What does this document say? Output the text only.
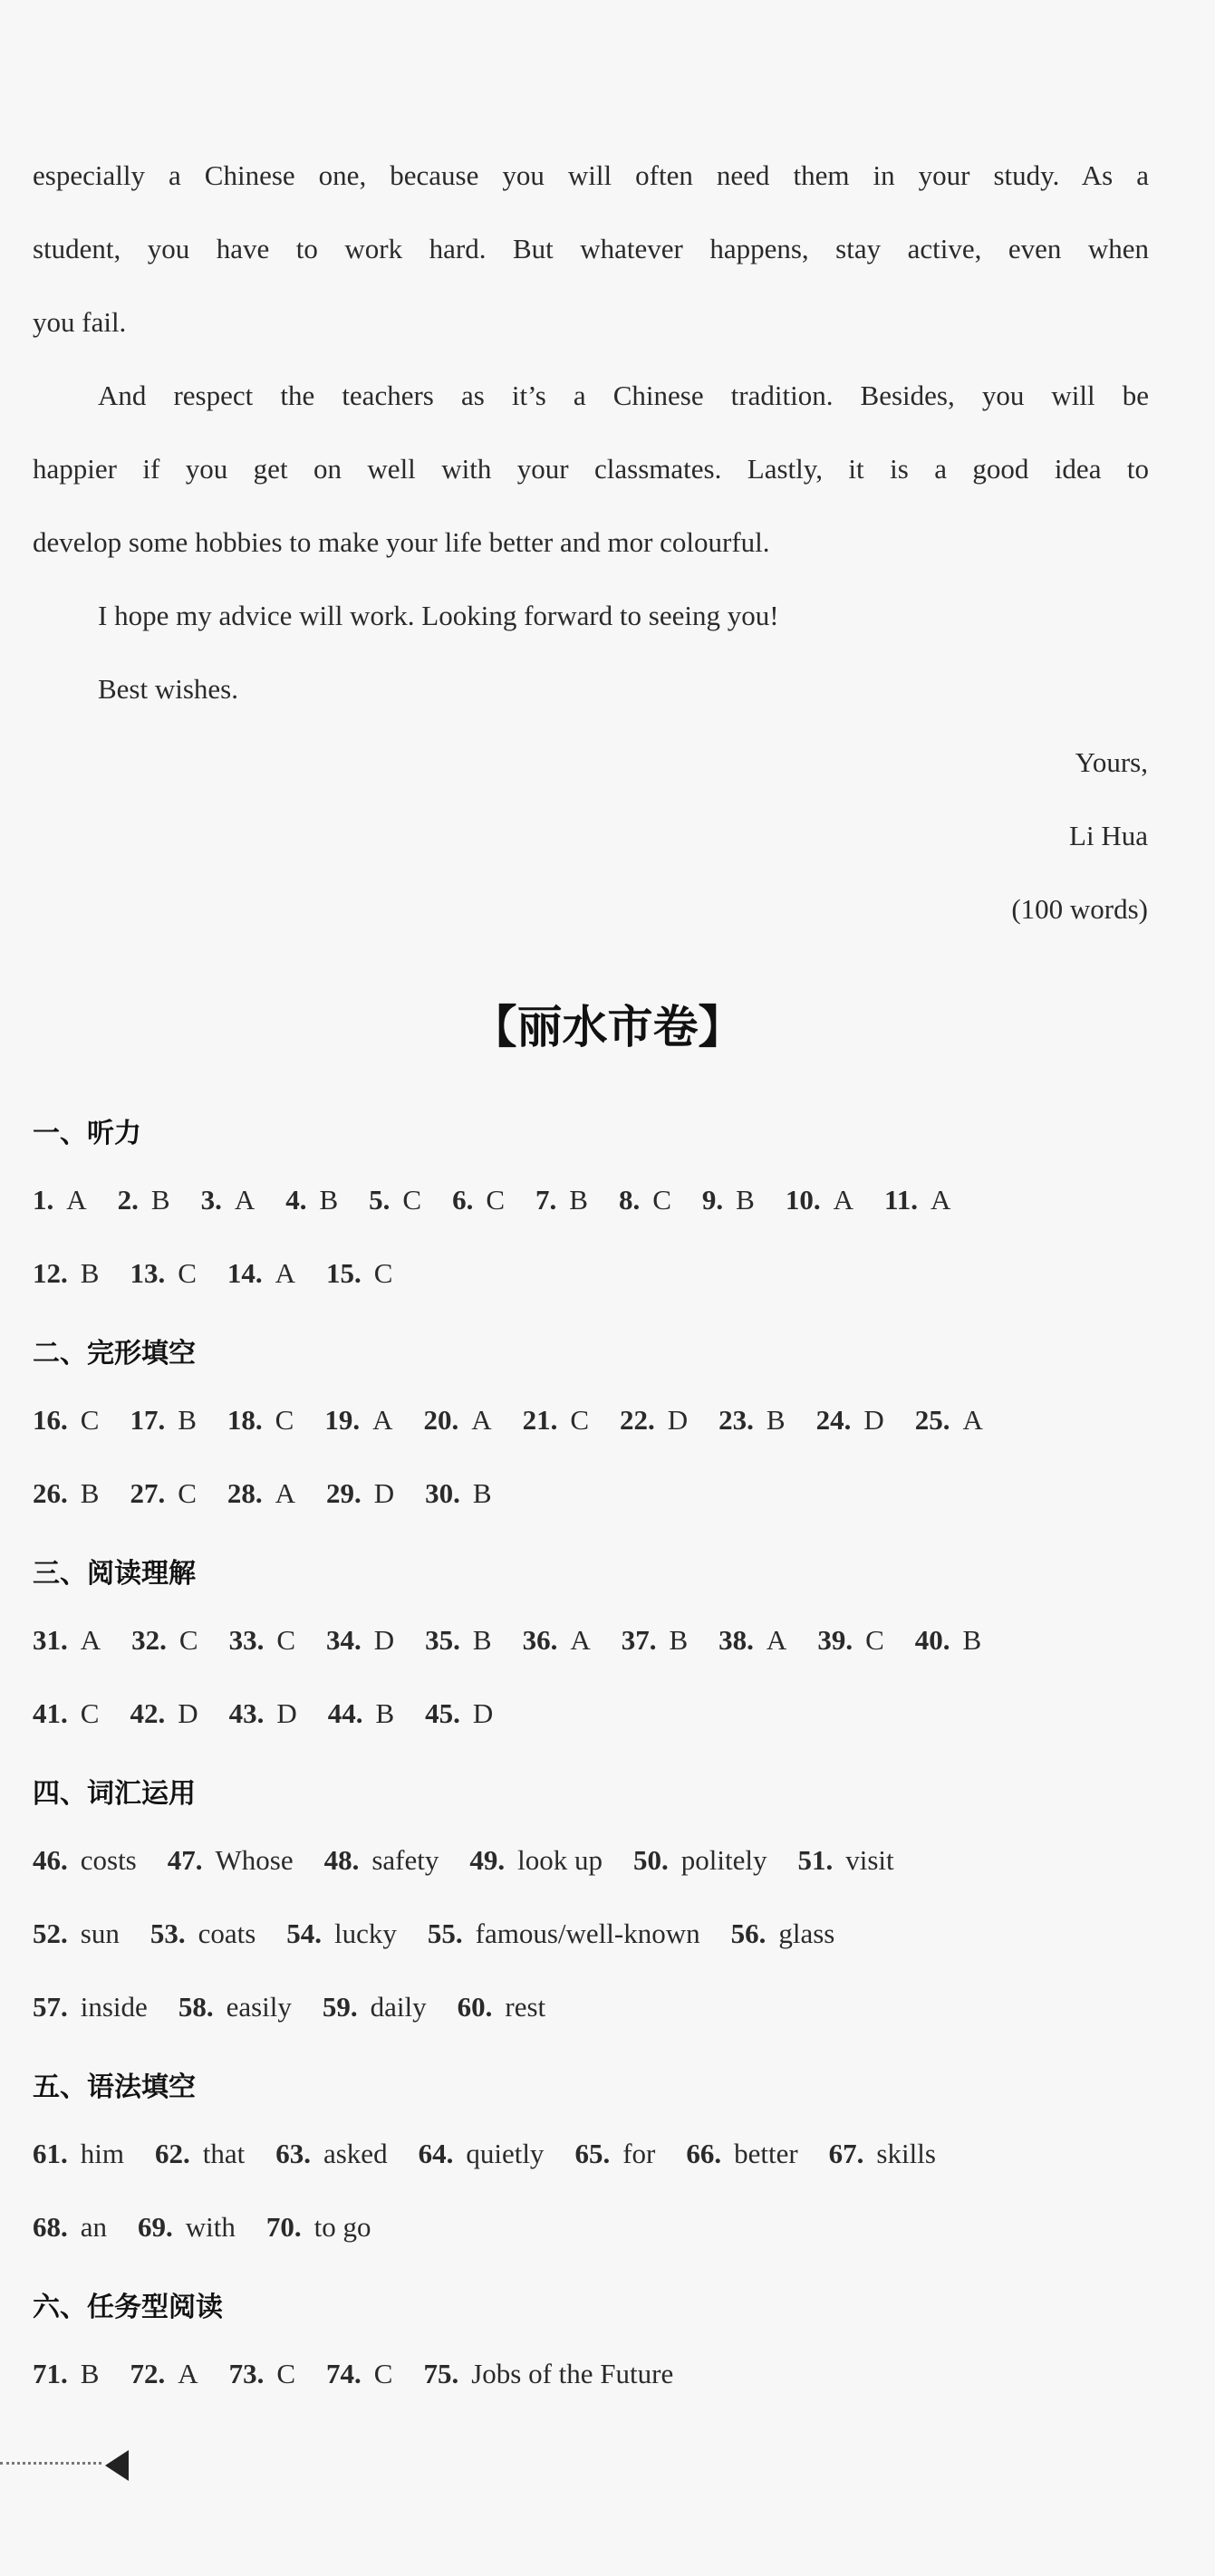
especially a Chinese one, because you will often need them in your study. As a
student, you have to work hard. But whatever happens, stay active, even when
you fail.
And respect the teachers as it’s a Chinese tradition. Besides, you will be
happier if you get on well with your classmates. Lastly, it is a good idea to
develop some hobbies to make your life better and mor colourful.
I hope my advice will work. Looking forward to seeing you!
Best wishes.
Yours,
Li Hua
(100 words)
【丽水市卷】
一、听力
1. A 2. B 3. A 4. B 5. C 6. C 7. B 8. C 9. B 10. A 11. A
12. B 13. C 14. A 15. C
二、完形填空
16. C 17. B 18. C 19. A 20. A 21. C 22. D 23. B 24. D 25. A
26. B 27. C 28. A 29. D 30. B
三、阅读理解
31. A 32. C 33. C 34. D 35. B 36. A 37. B 38. A 39. C 40. B
41. C 42. D 43. D 44. B 45. D
四、词汇运用
46. costs 47. Whose 48. safety 49. look up 50. politely 51. visit
52. sun 53. coats 54. lucky 55. famous/well-known 56. glass
57. inside 58. easily 59. daily 60. rest
五、语法填空
61. him 62. that 63. asked 64. quietly 65. for 66. better 67. skills
68. an 69. with 70. to go
六、任务型阅读
71. B 72. A 73. C 74. C 75. Jobs of the Future
